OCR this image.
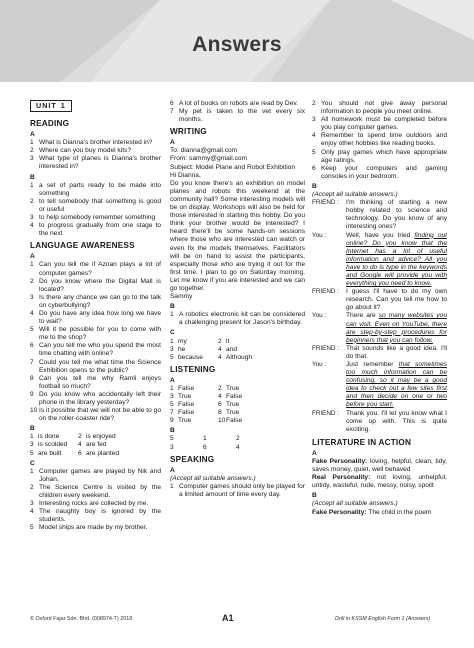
Answers
UNIT 1
READING
A
1 What is Dianna's brother interested in?
2 Where can you buy model kits?
3 What type of planes is Dianna's brother interested in?
B
1 a set of parts ready to be made into something
2 to tell somebody that something is good or useful
3 to help somebody remember something
4 to progress gradually from one stage to the next
LANGUAGE AWARENESS
A
1 Can you tell me if Aznan plays a lot of computer games?
2 Do you know where the Digital Mall is located?
3 Is there any chance we can go to the talk on cyberbullying?
4 Do you have any idea how long we have to wait?
5 Will it be possible for you to come with me to the shop?
6 Can you tell me who you spend the most time chatting with online?
7 Could you tell me what time the Science Exhibition opens to the public?
8 Can you tell me why Ramli enjoys football so much?
9 Do you know who accidentally left their phone in the library yesterday?
10 Is it possible that we will not be able to go on the roller-coaster ride?
B
1 is done	2 is enjoyed
3 is scolded	4 are fed
5 are built	6 are planted
C
1 Computer games are played by Nik and Johan.
2 The Science Centre is visited by the children every weekend.
3 Interesting rocks are collected by me.
4 The naughty boy is ignored by the students.
5 Model ships are made by my brother.
6 A lot of books on robots are read by Dev.
7 My pet is taken to the vet every six months.
WRITING
A
To: dianna@gmail.com
From: sammy@gmail.com
Subject: Model Plane and Robot Exhibition
Hi Dianna,

Do you know there's an exhibition on model planes and robots this weekend at the community hall? Some interesting models will be on display. Workshops will also be held for those interested in starting this hobby. Do you think your brother would be interested? I heard there'll be some hands-on sessions where those who are interested can watch or even fix the models themselves. Facilitators will be on hand to assist the participants, especially those who are trying it out for the first time. I plan to go on Saturday morning. Let me know if you are interested and we can go together.

Sammy
B
1 A robotics electronic kit can be considered a challenging present for Jason's birthday.
C
1 my	2 lt
3 he	4 and
5 because	4 Although
LISTENING
A
1 False	2 True
3 True	4 False
5 False	6 True
7 False	8 True
9 True	10 False
B
5	1	2
3	6	4
SPEAKING
A
(Accept all suitable answers.)
1 Computer games should only be played for a limited amount of time every day.
2 You should not give away personal information to people you meet online.
3 All homework must be completed before you play computer games.
4 Remember to spend time outdoors and enjoy other hobbies like reading books.
5 Only play games which have appropriate age ratings.
6 Keep your computers and gaming consoles in your bedroom.
B
(Accept all suitable answers.)
FRIEND :	I'm thinking of starting a new hobby related to science and technology. Do you know of any interesting ones?
You :	Well, have you tried finding out online? Do you know that the Internet has a lot of useful information and advice? All you have to do is type in the keywords and Google will provide you with everything you need to know.
FRIEND :	I guess I'll have to do my own research. Can you tell me how to go about it?
You :	There are so many websites you can visit. Even on YouTube, there are step-by-step procedures for beginners that you can follow.
FRIEND :	That sounds like a good idea. I'll do that.
You :	Just remember that sometimes too much information can be confusing, so it may be a good idea to check out a few sites first and then decide on one or two before you start.
FRIEND :	Thank you. I'll let you know what I come up with. This is quite exciting.
LITERATURE IN ACTION
A
Fake Personality: loving, helpful, clean, tidy, saves money, quiet, well behaved
Real Personality: not loving, unhelpful, untidy, wasteful, rude, messy, noisy, spoilt
B
(Accept all suitable answers.)
Fake Personality: The child in the poem
© Oxford Fajar Sdn. Bhd. (008974-T) 2018	A1	Drill in KSSM English Form 1 (Answers)
